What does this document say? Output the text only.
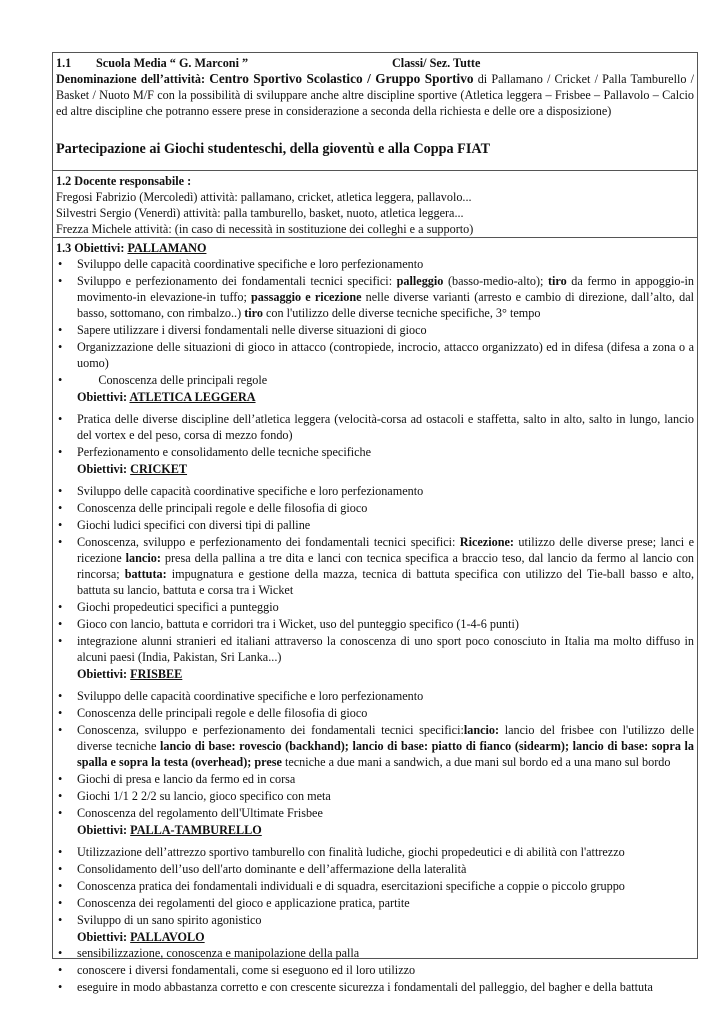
1.1	Scuola Media “ G. Marconi ”	Classi/ Sez. Tutte
Denominazione dell’attività: Centro Sportivo Scolastico / Gruppo Sportivo di Pallamano / Cricket / Palla Tamburello / Basket / Nuoto M/F con la possibilità di sviluppare anche altre discipline sportive (Atletica leggera – Frisbee – Pallavolo – Calcio ed altre discipline che potranno essere prese in considerazione a seconda della richiesta e delle ore a disposizione)
Partecipazione ai Giochi studenteschi, della gioventù e alla Coppa FIAT
1.2 Docente responsabile :
Fregosi Fabrizio (Mercoledì) attività: pallamano, cricket, atletica leggera, pallavolo...
Silvestri Sergio (Venerdì) attività: palla tamburello, basket, nuoto, atletica leggera...
Frezza Michele attività: (in caso di necessità in sostituzione dei colleghi e a supporto)
1.3 Obiettivi: PALLAMANO
• Sviluppo delle capacità coordinative specifiche e loro perfezionamento
• Sviluppo e perfezionamento dei fondamentali tecnici specifici: palleggio (basso-medio-alto); tiro da fermo in appoggio-in movimento-in elevazione-in tuffo; passaggio e ricezione nelle diverse varianti (arresto e cambio di direzione, dall’alto, dal basso, sottomano, con rimbalzo..) tiro con l'utilizzo delle diverse tecniche specifiche, 3° tempo
• Sapere utilizzare i diversi fondamentali nelle diverse situazioni di gioco
• Organizzazione delle situazioni di gioco in attacco (contropiede, incrocio, attacco organizzato) ed in difesa (difesa a zona o a uomo)
•        Conoscenza delle principali regole
Obiettivi: ATLETICA LEGGERA
• Pratica delle diverse discipline dell’atletica leggera (velocità-corsa ad ostacoli e staffetta, salto in alto, salto in lungo, lancio del vortex e del peso, corsa di mezzo fondo)
• Perfezionamento e consolidamento delle tecniche specifiche
Obiettivi: CRICKET
• Sviluppo delle capacità coordinative specifiche e loro perfezionamento
• Conoscenza delle principali regole e delle filosofia di gioco
• Giochi ludici specifici con diversi tipi di palline
• Conoscenza, sviluppo e perfezionamento dei fondamentali tecnici specifici: Ricezione: utilizzo delle diverse prese; lanci e ricezione lancio: presa della pallina a tre dita e lanci con tecnica specifica a braccio teso, dal lancio da fermo al lancio con rincorsa; battuta: impugnatura e gestione della mazza, tecnica di battuta specifica con utilizzo del Tie-ball basso e alto, battuta su lancio, battuta e corsa tra i Wicket
• Giochi propedeutici specifici a punteggio
• Gioco con lancio, battuta e corridori tra i Wicket, uso del punteggio specifico (1-4-6 punti)
• integrazione alunni stranieri ed italiani attraverso la conoscenza di uno sport poco conosciuto in Italia ma molto diffuso in alcuni paesi (India, Pakistan, Sri Lanka...)
Obiettivi: FRISBEE
• Sviluppo delle capacità coordinative specifiche e loro perfezionamento
• Conoscenza delle principali regole e delle filosofia di gioco
• Conoscenza, sviluppo e perfezionamento dei fondamentali tecnici specifici:lancio: lancio del frisbee con l'utilizzo delle diverse tecniche lancio di base: rovescio (backhand); lancio di base: piatto di fianco (sidearm); lancio di base: sopra la spalla e sopra la testa (overhead); prese tecniche a due mani a sandwich, a due mani sul bordo ed a una mano sul bordo
• Giochi di presa e lancio da fermo ed in corsa
• Giochi 1/1 2 2/2 su lancio, gioco specifico con meta
• Conoscenza del regolamento dell'Ultimate Frisbee
Obiettivi: PALLA-TAMBURELLO
• Utilizzazione dell’attrezzo sportivo tamburello con finalità ludiche, giochi propedeutici e di abilità con l'attrezzo
• Consolidamento dell’uso dell'arto dominante e dell’affermazione della lateralità
• Conoscenza pratica dei fondamentali individuali e di squadra, esercitazioni specifiche a coppie o piccolo gruppo
• Conoscenza dei regolamenti del gioco e applicazione pratica, partite
• Sviluppo di un sano spirito agonistico
Obiettivi: PALLAVOLO
• sensibilizzazione, conoscenza e manipolazione della palla
• conoscere i diversi fondamentali, come si eseguono ed il loro utilizzo
• eseguire in modo abbastanza corretto e con crescente sicurezza i fondamentali del palleggio, del bagher e della battuta
